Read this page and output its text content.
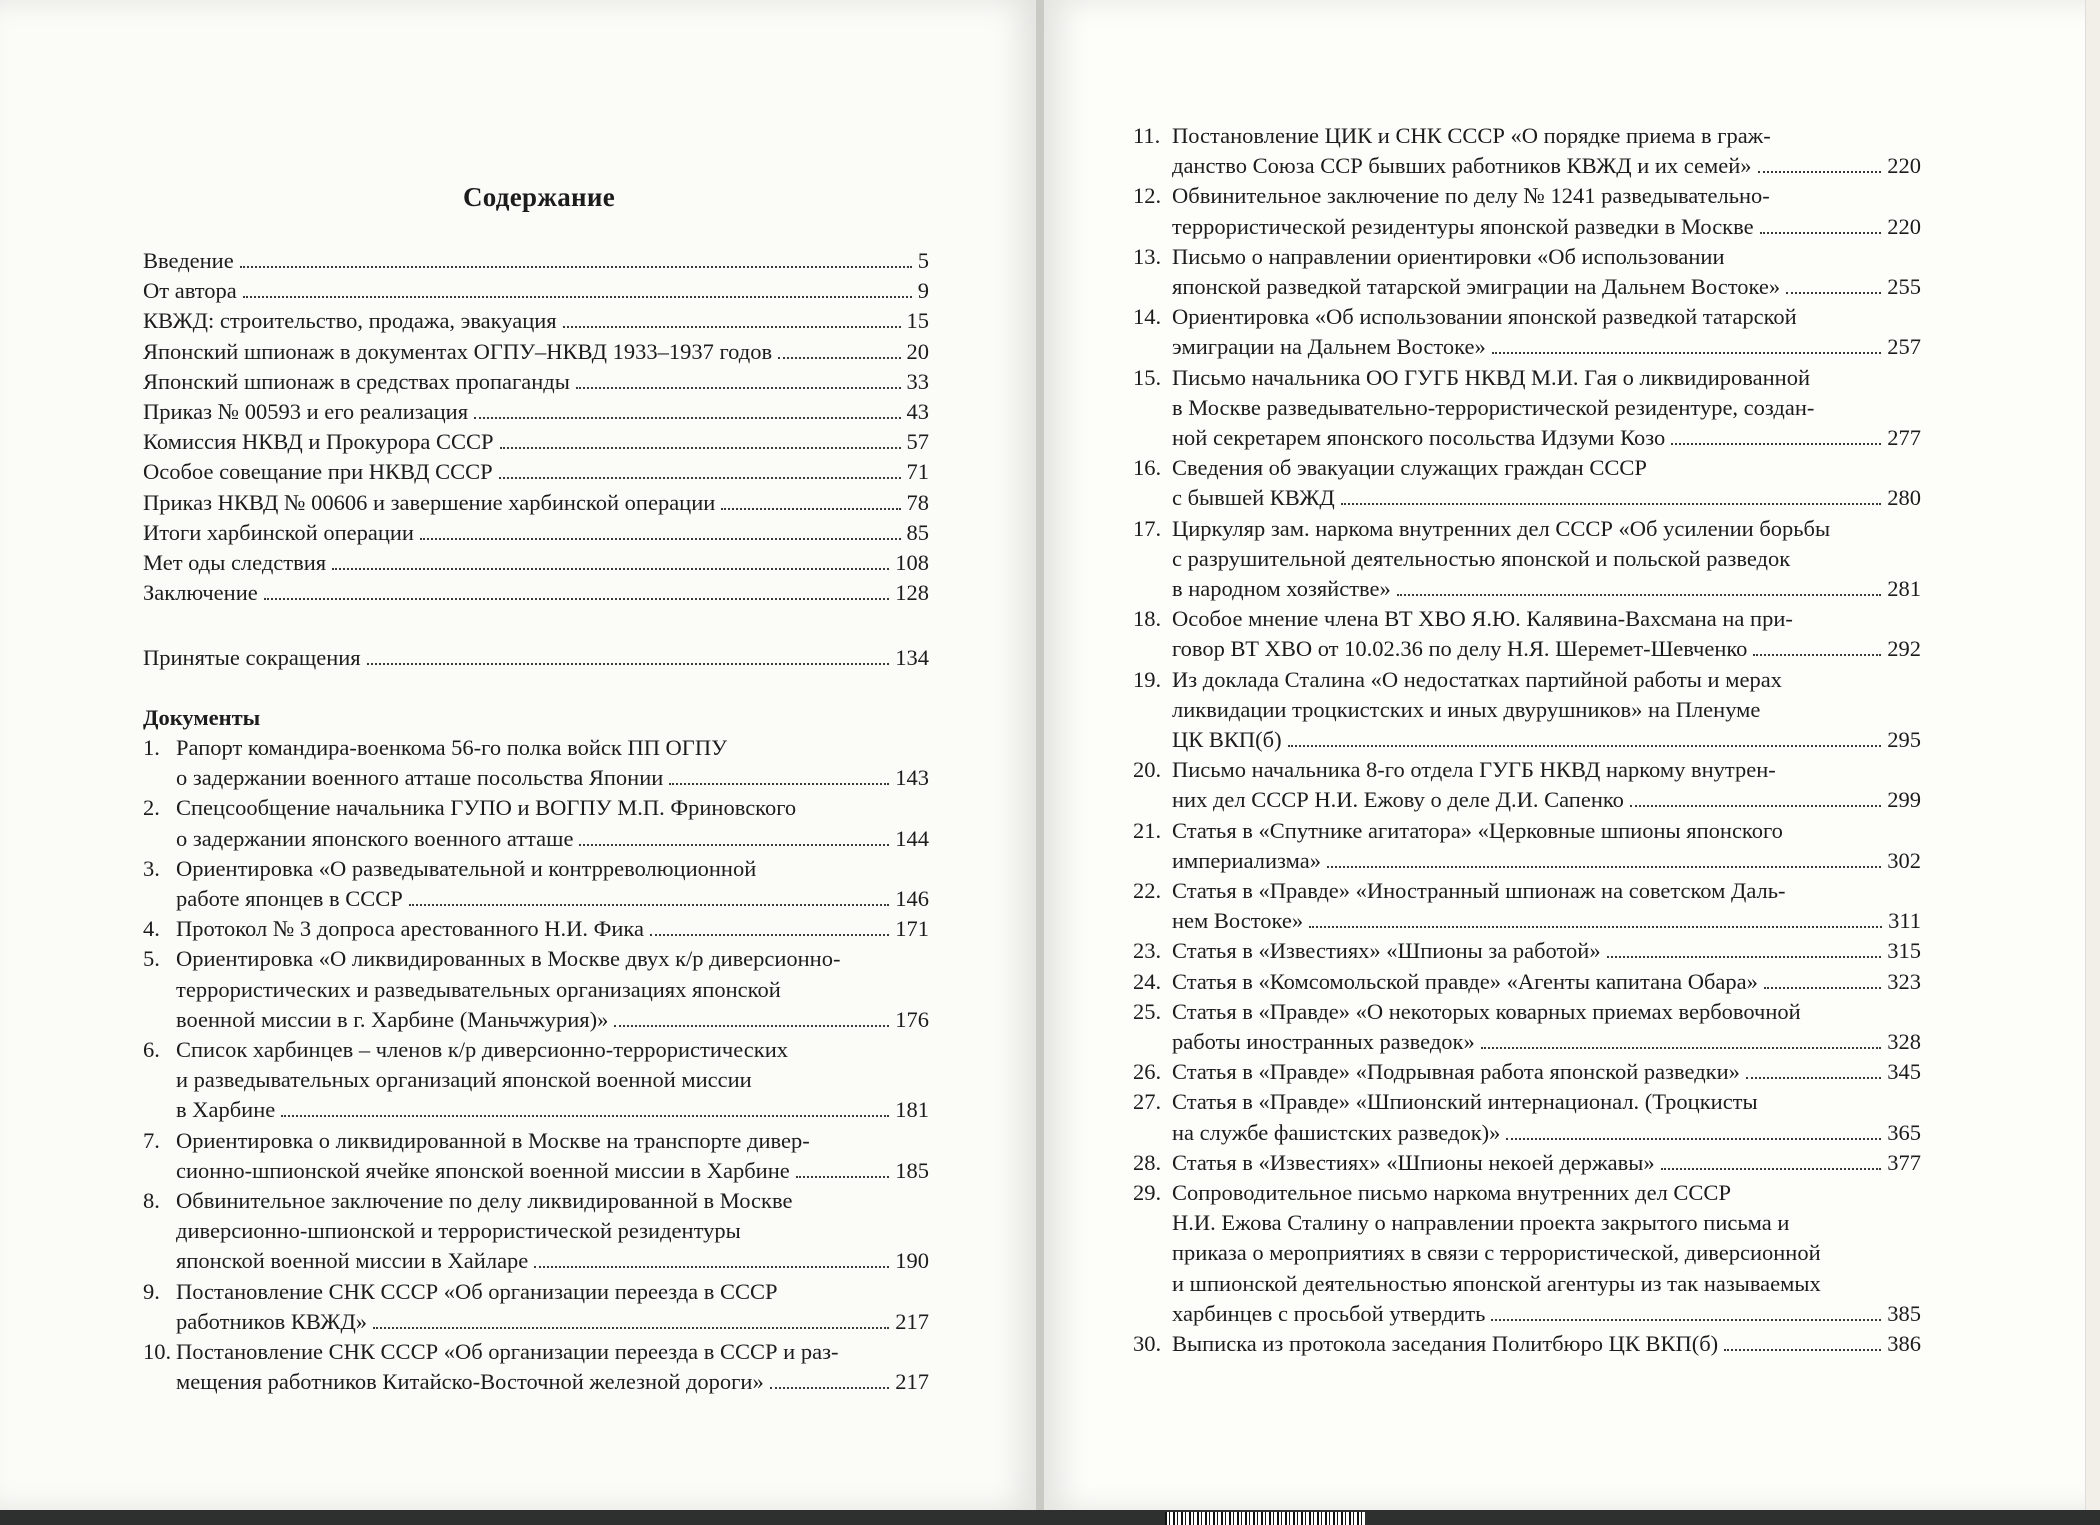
Содержание
Введение	5
От автора	9
КВЖД: строительство, продажа, эвакуация	15
Японский шпионаж в документах ОГПУ–НКВД 1933–1937 годов	20
Японский шпионаж в средствах пропаганды	33
Приказ № 00593 и его реализация	43
Комиссия НКВД и Прокурора СССР	57
Особое совещание при НКВД СССР	71
Приказ НКВД № 00606 и завершение харбинской операции	78
Итоги харбинской операции	85
Мет оды следствия	108
Заключение	128
Принятые сокращения	134
Документы
1. Рапорт командира-военкома 56-го полка войск ПП ОГПУ
о задержании военного атташе посольства Японии	143
2. Спецсообщение начальника ГУПО и ВОГПУ М.П. Фриновского
о задержании японского военного атташе	144
3. Ориентировка «О разведывательной и контрреволюционной
работе японцев в СССР	146
4. Протокол № 3 допроса арестованного Н.И. Фика	171
5. Ориентировка «О ликвидированных в Москве двух к/р диверсионно-
террористических и разведывательных организациях японской
военной миссии в г. Харбине (Маньчжурия)»	176
6. Список харбинцев – членов к/р диверсионно-террористических
и разведывательных организаций японской военной миссии
в Харбине	181
7. Ориентировка о ликвидированной в Москве на транспорте дивер-
сионно-шпионской ячейке японской военной миссии в Харбине	185
8. Обвинительное заключение по делу ликвидированной в Москве
диверсионно-шпионской и террористической резидентуры
японской военной миссии в Хайларе	190
9. Постановление СНК СССР «Об организации переезда в СССР
работников КВЖД»	217
10. Постановление СНК СССР «Об организации переезда в СССР и раз-
мещения работников Китайско-Восточной железной дороги»	217
11. Постановление ЦИК и СНК СССР «О порядке приема в граж-
данство Союза ССР бывших работников КВЖД и их семей»	220
12. Обвинительное заключение по делу № 1241 разведывательно-
террористической резидентуры японской разведки в Москве	220
13. Письмо о направлении ориентировки «Об использовании
японской разведкой татарской эмиграции на Дальнем Востоке»	255
14. Ориентировка «Об использовании японской разведкой татарской
эмиграции на Дальнем Востоке»	257
15. Письмо начальника ОО ГУГБ НКВД М.И. Гая о ликвидированной
в Москве разведывательно-террористической резидентуре, создан-
ной секретарем японского посольства Идзуми Козо	277
16. Сведения об эвакуации служащих граждан СССР
с бывшей КВЖД	280
17. Циркуляр зам. наркома внутренних дел СССР «Об усилении борьбы
с разрушительной деятельностью японской и польской разведок
в народном хозяйстве»	281
18. Особое мнение члена ВТ ХВО Я.Ю. Калявина-Вахсмана на при-
говор ВТ ХВО от 10.02.36 по делу Н.Я. Шеремет-Шевченко	292
19. Из доклада Сталина «О недостатках партийной работы и мерах
ликвидации троцкистских и иных двурушников» на Пленуме
ЦК ВКП(б)	295
20. Письмо начальника 8-го отдела ГУГБ НКВД наркому внутрен-
них дел СССР Н.И. Ежову о деле Д.И. Сапенко	299
21. Статья в «Спутнике агитатора» «Церковные шпионы японского
империализма»	302
22. Статья в «Правде» «Иностранный шпионаж на советском Даль-
нем Востоке»	311
23. Статья в «Известиях» «Шпионы за работой»	315
24. Статья в «Комсомольской правде» «Агенты капитана Обара»	323
25. Статья в «Правде» «О некоторых коварных приемах вербовочной
работы иностранных разведок»	328
26. Статья в «Правде» «Подрывная работа японской разведки»	345
27. Статья в «Правде» «Шпионский интернационал. (Троцкисты
на службе фашистских разведок)»	365
28. Статья в «Известиях» «Шпионы некоей державы»	377
29. Сопроводительное письмо наркома внутренних дел СССР
Н.И. Ежова Сталину о направлении проекта закрытого письма и
приказа о мероприятиях в связи с террористической, диверсионной
и шпионской деятельностью японской агентуры из так называемых
харбинцев с просьбой утвердить	385
30. Выписка из протокола заседания Политбюро ЦК ВКП(б)	386
